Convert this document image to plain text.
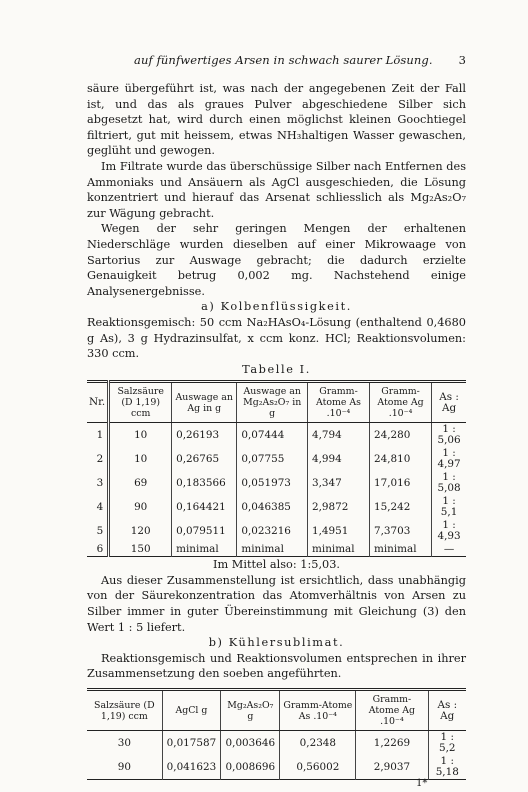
auf fünfwertiges Arsen in schwach saurer Lösung. 3

säure übergeführt ist, was nach der angegebenen Zeit der Fall ist, und das als graues Pulver abgeschiedene Silber sich abgesetzt hat, wird durch einen möglichst kleinen Goochtiegel filtriert, gut mit heissem, etwas NH₃haltigen Wasser gewaschen, geglüht und gewogen.

Im Filtrate wurde das überschüssige Silber nach Entfernen des Ammoniaks und Ansäuern als AgCl ausgeschieden, die Lösung konzentriert und hierauf das Arsenat schliesslich als Mg₂As₂O₇ zur Wägung gebracht.

Wegen der sehr geringen Mengen der erhaltenen Niederschläge wurden dieselben auf einer Mikrowaage von Sartorius zur Auswage gebracht; die dadurch erzielte Genauigkeit betrug 0,002 mg. Nachstehend einige Analysenergebnisse.

a) Kolbenflüssigkeit.

Reaktionsgemisch: 50 ccm Na₂HAsO₄-Lösung (enthaltend 0,4680 g As), 3 g Hydrazinsulfat, x ccm konz. HCl; Reaktionsvolumen: 330 ccm.

Tabelle I.

Nr.	Salzsäure (D 1,19) ccm	Auswage an Ag in g	Auswage an Mg₂As₂O₇ in g	Gramm-Atome As .10⁻⁴	Gramm-Atome Ag .10⁻⁴	As : Ag
1	10	0,26193	0,07444	4,794	24,280	1 : 5,06
2	10	0,26765	0,07755	4,994	24,810	1 : 4,97
3	69	0,183566	0,051973	3,347	17,016	1 : 5,08
4	90	0,164421	0,046385	2,9872	15,242	1 : 5,1
5	120	0,079511	0,023216	1,4951	7,3703	1 : 4,93
6	150	minimal	minimal	minimal	minimal	—

Im Mittel also: 1:5,03.

Aus dieser Zusammenstellung ist ersichtlich, dass unabhängig von der Säurekonzentration das Atomverhältnis von Arsen zu Silber immer in guter Übereinstimmung mit Gleichung (3) den Wert 1 : 5 liefert.

b) Kühlersublimat.

Reaktionsgemisch und Reaktionsvolumen entsprechen in ihrer Zusammensetzung den soeben angeführten.

Salzsäure (D 1,19) ccm	AgCl g	Mg₂As₂O₇ g	Gramm-Atome As .10⁻⁴	Gramm-Atome Ag .10⁻⁴	As : Ag
30	0,017587	0,003646	0,2348	1,2269	1 : 5,2
90	0,041623	0,008696	0,56002	2,9037	1 : 5,18
1*
